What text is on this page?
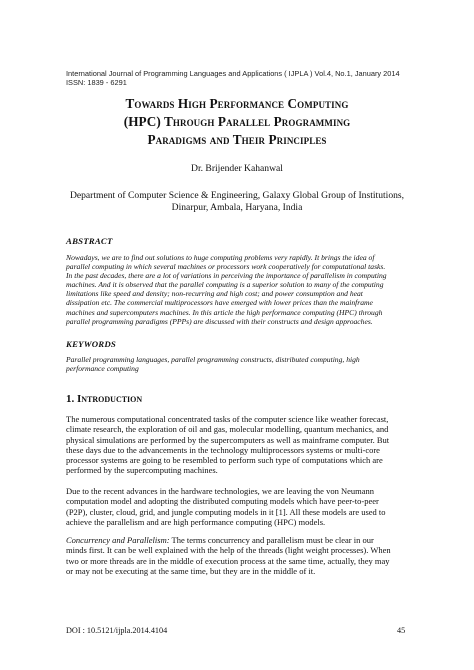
International Journal of Programming Languages and Applications ( IJPLA ) Vol.4, No.1, January 2014
ISSN: 1839 - 6291
Towards High Performance Computing
(HPC) Through Parallel Programming
Paradigms and Their Principles
Dr. Brijender Kahanwal
Department of Computer Science & Engineering, Galaxy Global Group of Institutions,
Dinarpur, Ambala, Haryana, India
ABSTRACT
Nowadays, we are to find out solutions to huge computing problems very rapidly. It brings the idea of
parallel computing in which several machines or processors work cooperatively for computational tasks.
In the past decades, there are a lot of variations in perceiving the importance of parallelism in computing
machines. And it is observed that the parallel computing is a superior solution to many of the computing
limitations like speed and density; non-recurring and high cost; and power consumption and heat
dissipation etc. The commercial multiprocessors have emerged with lower prices than the mainframe
machines and supercomputers machines. In this article the high performance computing (HPC) through
parallel programming paradigms (PPPs) are discussed with their constructs and design approaches.
KEYWORDS
Parallel programming languages, parallel programming constructs, distributed computing, high
performance computing
1. Introduction
The numerous computational concentrated tasks of the computer science like weather forecast,
climate research, the exploration of oil and gas, molecular modelling, quantum mechanics, and
physical simulations are performed by the supercomputers as well as mainframe computer. But
these days due to the advancements in the technology multiprocessors systems or multi-core
processor systems are going to be resembled to perform such type of computations which are
performed by the supercomputing machines.
Due to the recent advances in the hardware technologies, we are leaving the von Neumann
computation model and adopting the distributed computing models which have peer-to-peer
(P2P), cluster, cloud, grid, and jungle computing models in it [1]. All these models are used to
achieve the parallelism and are high performance computing (HPC) models.
Concurrency and Parallelism: The terms concurrency and parallelism must be clear in our
minds first. It can be well explained with the help of the threads (light weight processes). When
two or more threads are in the middle of execution process at the same time, actually, they may
or may not be executing at the same time, but they are in the middle of it.
DOI : 10.5121/ijpla.2014.4104	45
